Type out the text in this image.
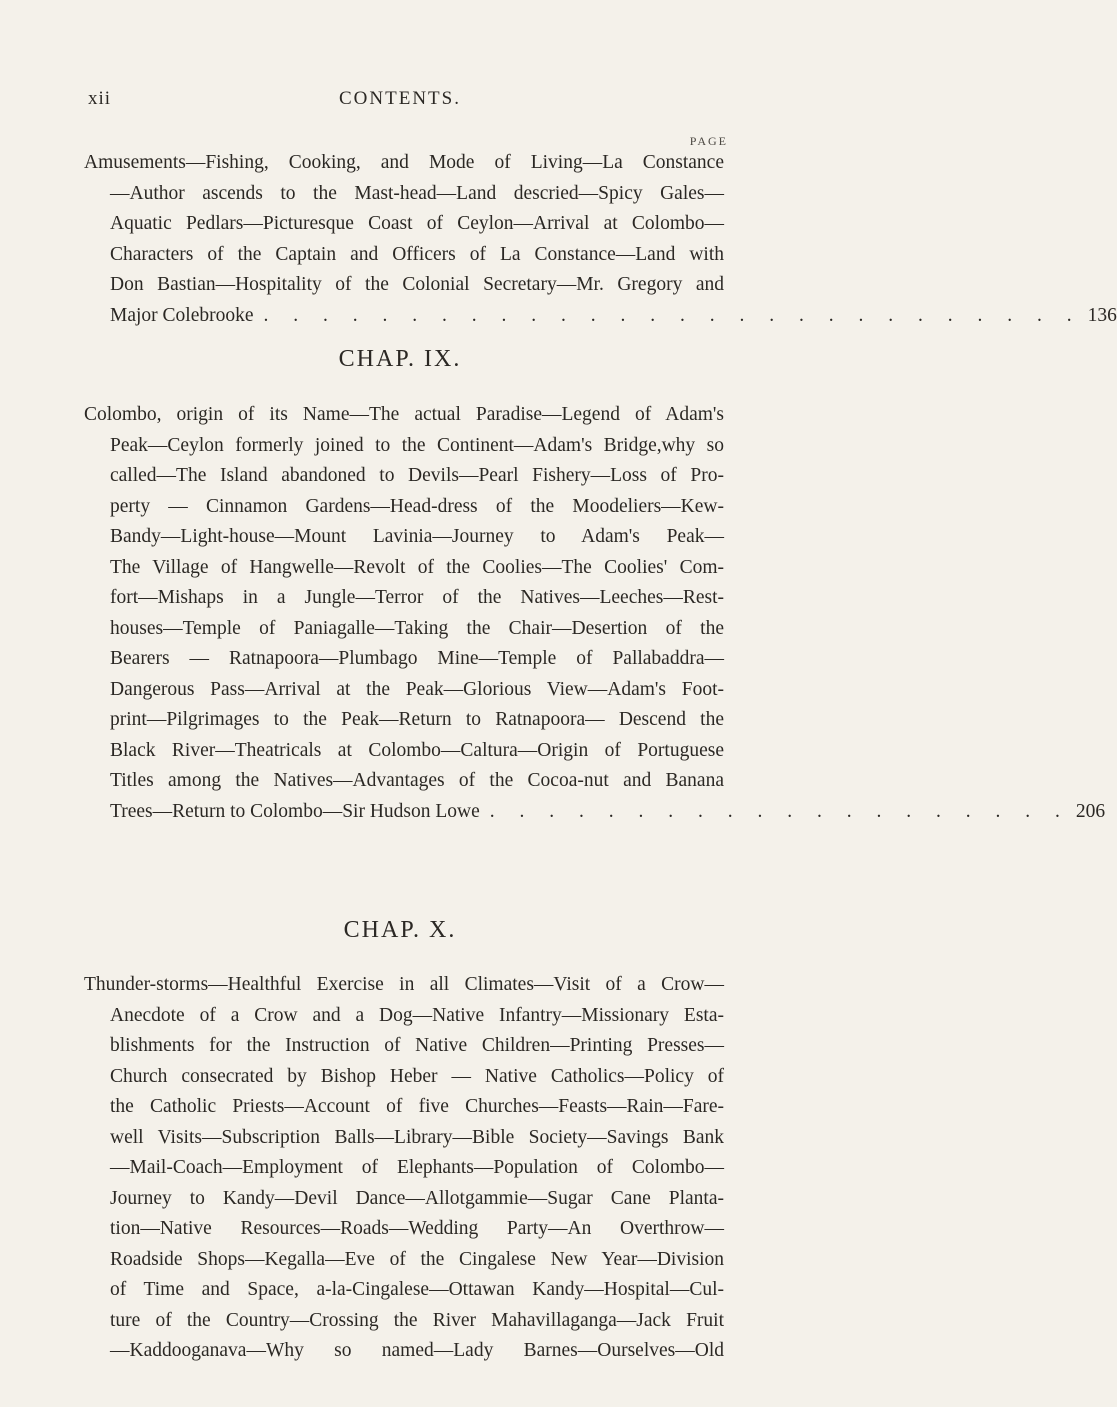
xii	CONTENTS.
PAGE
Amusements—Fishing, Cooking, and Mode of Living—La Constance
—Author ascends to the Mast-head—Land descried—Spicy Gales—
Aquatic Pedlars—Picturesque Coast of Ceylon—Arrival at Colombo—
Characters of the Captain and Officers of La Constance—Land with
Don Bastian—Hospitality of the Colonial Secretary—Mr. Gregory and
Major Colebrooke . . . . . . . . . . . . . . . . . . . . . . . . . . . . 136
CHAP. IX.
Colombo, origin of its Name—The actual Paradise—Legend of Adam's
Peak—Ceylon formerly joined to the Continent—Adam's Bridge,why so
called—The Island abandoned to Devils—Pearl Fishery—Loss of Pro-
perty — Cinnamon Gardens—Head-dress of the Moodeliers—Kew-
Bandy—Light-house—Mount Lavinia—Journey to Adam's Peak—
The Village of Hangwelle—Revolt of the Coolies—The Coolies' Com-
fort—Mishaps in a Jungle—Terror of the Natives—Leeches—Rest-
houses—Temple of Paniagalle—Taking the Chair—Desertion of the
Bearers — Ratnapoora—Plumbago Mine—Temple of Pallabaddra—
Dangerous Pass—Arrival at the Peak—Glorious View—Adam's Foot-
print—Pilgrimages to the Peak—Return to Ratnapoora— Descend the
Black River—Theatricals at Colombo—Caltura—Origin of Portuguese
Titles among the Natives—Advantages of the Cocoa-nut and Banana
Trees—Return to Colombo—Sir Hudson Lowe . . . . . . . . . . . . . . . . . . . . 206
CHAP. X.
Thunder-storms—Healthful Exercise in all Climates—Visit of a Crow—
Anecdote of a Crow and a Dog—Native Infantry—Missionary Esta-
blishments for the Instruction of Native Children—Printing Presses—
Church consecrated by Bishop Heber — Native Catholics—Policy of
the Catholic Priests—Account of five Churches—Feasts—Rain—Fare-
well Visits—Subscription Balls—Library—Bible Society—Savings Bank
—Mail-Coach—Employment of Elephants—Population of Colombo—
Journey to Kandy—Devil Dance—Allotgammie—Sugar Cane Planta-
tion—Native Resources—Roads—Wedding Party—An Overthrow—
Roadside Shops—Kegalla—Eve of the Cingalese New Year—Division
of Time and Space, a-la-Cingalese—Ottawan Kandy—Hospital—Cul-
ture of the Country—Crossing the River Mahavillaganga—Jack Fruit
—Kaddooganava—Why so named—Lady Barnes—Ourselves—Old
